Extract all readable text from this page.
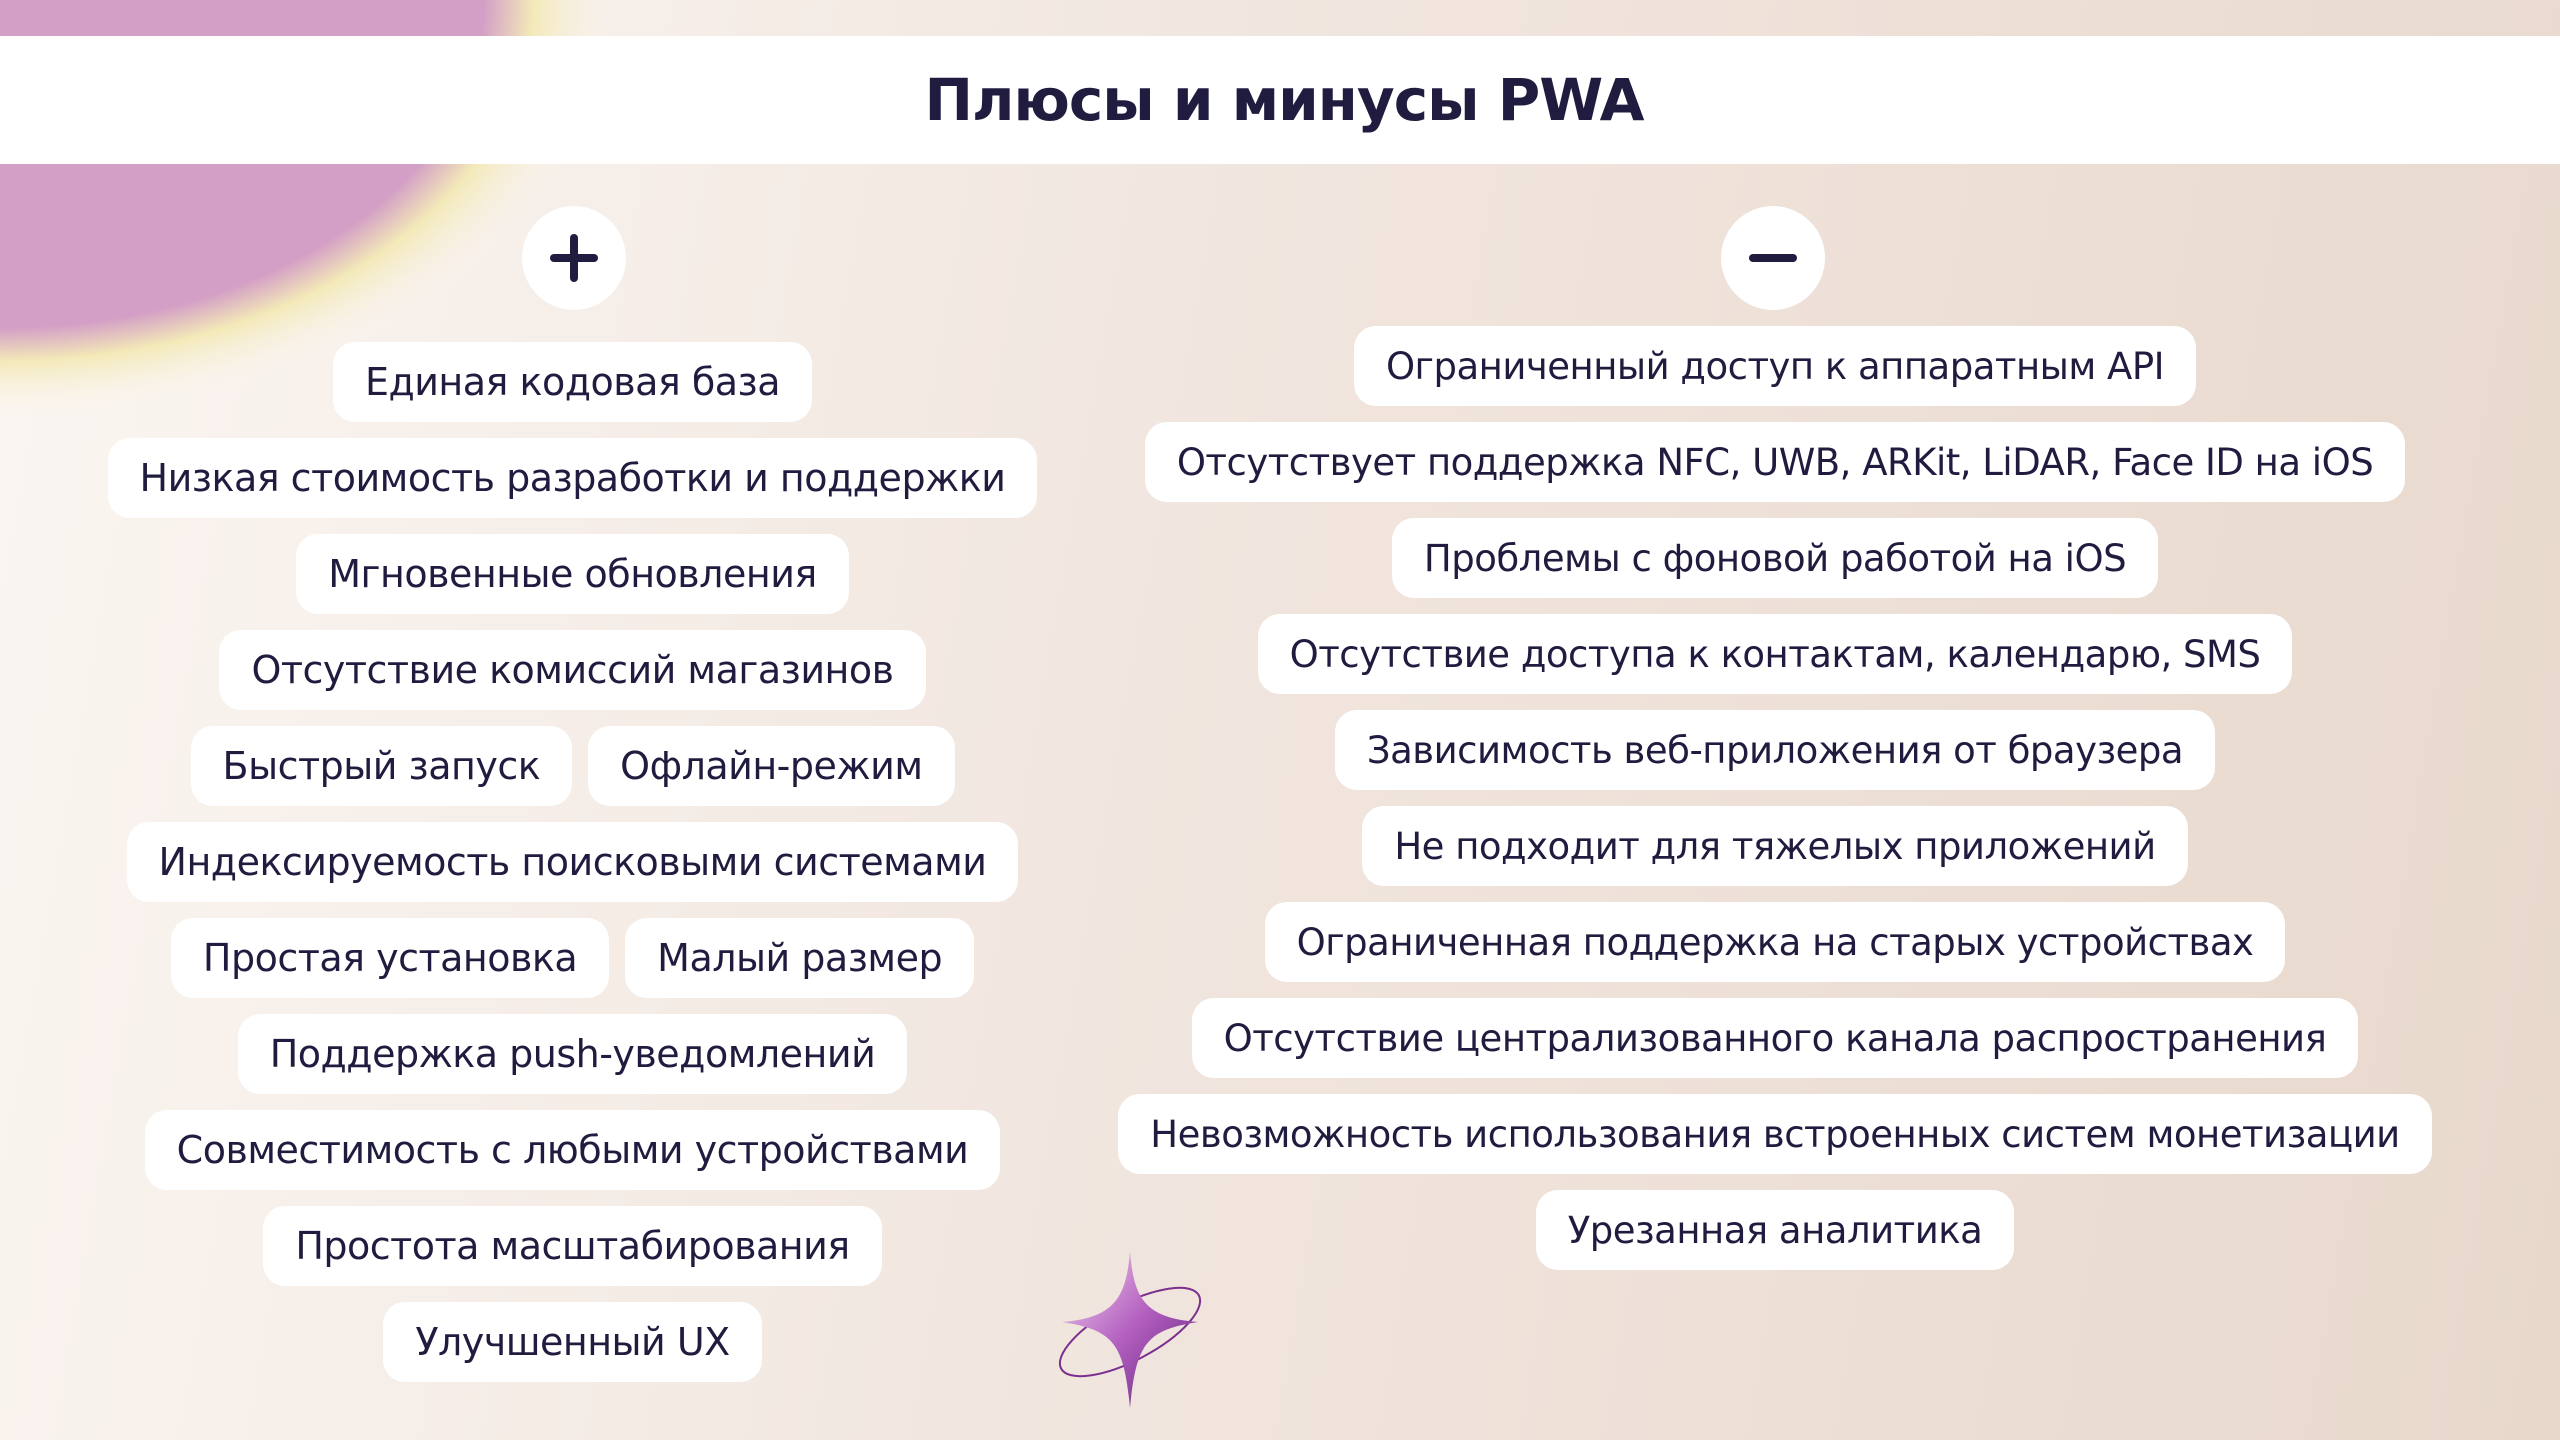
Плюсы и минусы PWA
Единая кодовая база
Низкая стоимость разработки и поддержки
Мгновенные обновления
Отсутствие комиссий магазинов
Быстрый запуск	Офлайн-режим
Индексируемость поисковыми системами
Простая установка	Малый размер
Поддержка push-уведомлений
Совместимость с любыми устройствами
Простота масштабирования
Улучшенный UX
Ограниченный доступ к аппаратным API
Отсутствует поддержка NFC, UWB, ARKit, LiDAR, Face ID на iOS
Проблемы с фоновой работой на iOS
Отсутствие доступа к контактам, календарю, SMS
Зависимость веб-приложения от браузера
Не подходит для тяжелых приложений
Ограниченная поддержка на старых устройствах
Отсутствие централизованного канала распространения
Невозможность использования встроенных систем монетизации
Урезанная аналитика
